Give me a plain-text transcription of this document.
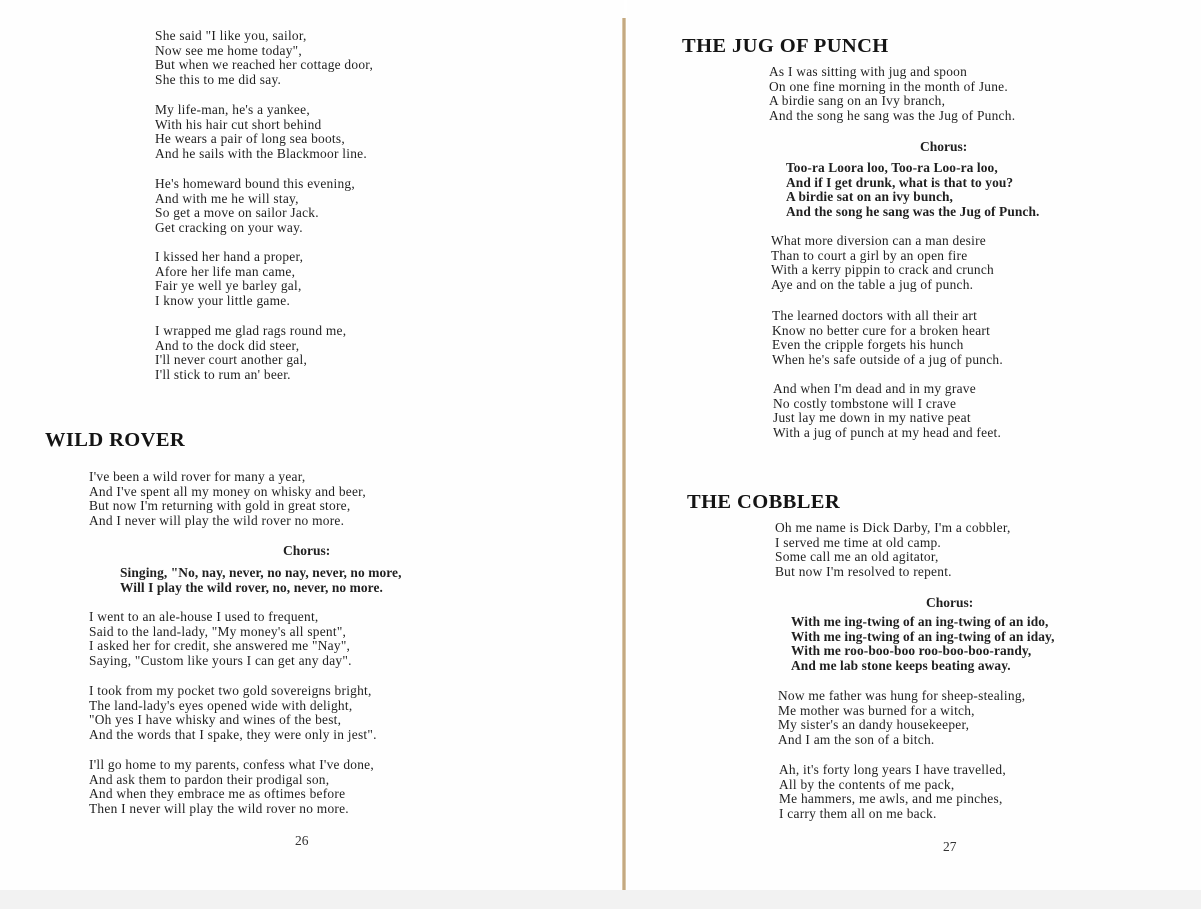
She said "I like you, sailor,
Now see me home today",
But when we reached her cottage door,
She this to me did say.
My life-man, he's a yankee,
With his hair cut short behind
He wears a pair of long sea boots,
And he sails with the Blackmoor line.
He's homeward bound this evening,
And with me he will stay,
So get a move on sailor Jack.
Get cracking on your way.
I kissed her hand a proper,
Afore her life man came,
Fair ye well ye barley gal,
I know your little game.
I wrapped me glad rags round me,
And to the dock did steer,
I'll never court another gal,
I'll stick to rum an' beer.
WILD ROVER
I've been a wild rover for many a year,
And I've spent all my money on whisky and beer,
But now I'm returning with gold in great store,
And I never will play the wild rover no more.
Chorus:
Singing, "No, nay, never, no nay, never, no more,
Will I play the wild rover, no, never, no more.
I went to an ale-house I used to frequent,
Said to the land-lady, "My money's all spent",
I asked her for credit, she answered me "Nay",
Saying, "Custom like yours I can get any day".
I took from my pocket two gold sovereigns bright,
The land-lady's eyes opened wide with delight,
"Oh yes I have whisky and wines of the best,
And the words that I spake, they were only in jest".
I'll go home to my parents, confess what I've done,
And ask them to pardon their prodigal son,
And when they embrace me as oftimes before
Then I never will play the wild rover no more.
26
THE JUG OF PUNCH
As I was sitting with jug and spoon
On one fine morning in the month of June.
A birdie sang on an Ivy branch,
And the song he sang was the Jug of Punch.
Chorus:
Too-ra Loora loo, Too-ra Loo-ra loo,
And if I get drunk, what is that to you?
A birdie sat on an ivy bunch,
And the song he sang was the Jug of Punch.
What more diversion can a man desire
Than to court a girl by an open fire
With a kerry pippin to crack and crunch
Aye and on the table a jug of punch.
The learned doctors with all their art
Know no better cure for a broken heart
Even the cripple forgets his hunch
When he's safe outside of a jug of punch.
And when I'm dead and in my grave
No costly tombstone will I crave
Just lay me down in my native peat
With a jug of punch at my head and feet.
THE COBBLER
Oh me name is Dick Darby, I'm a cobbler,
I served me time at old camp.
Some call me an old agitator,
But now I'm resolved to repent.
Chorus:
With me ing-twing of an ing-twing of an ido,
With me ing-twing of an ing-twing of an iday,
With me roo-boo-boo roo-boo-boo-randy,
And me lab stone keeps beating away.
Now me father was hung for sheep-stealing,
Me mother was burned for a witch,
My sister's an dandy housekeeper,
And I am the son of a bitch.
Ah, it's forty long years I have travelled,
All by the contents of me pack,
Me hammers, me awls, and me pinches,
I carry them all on me back.
27
